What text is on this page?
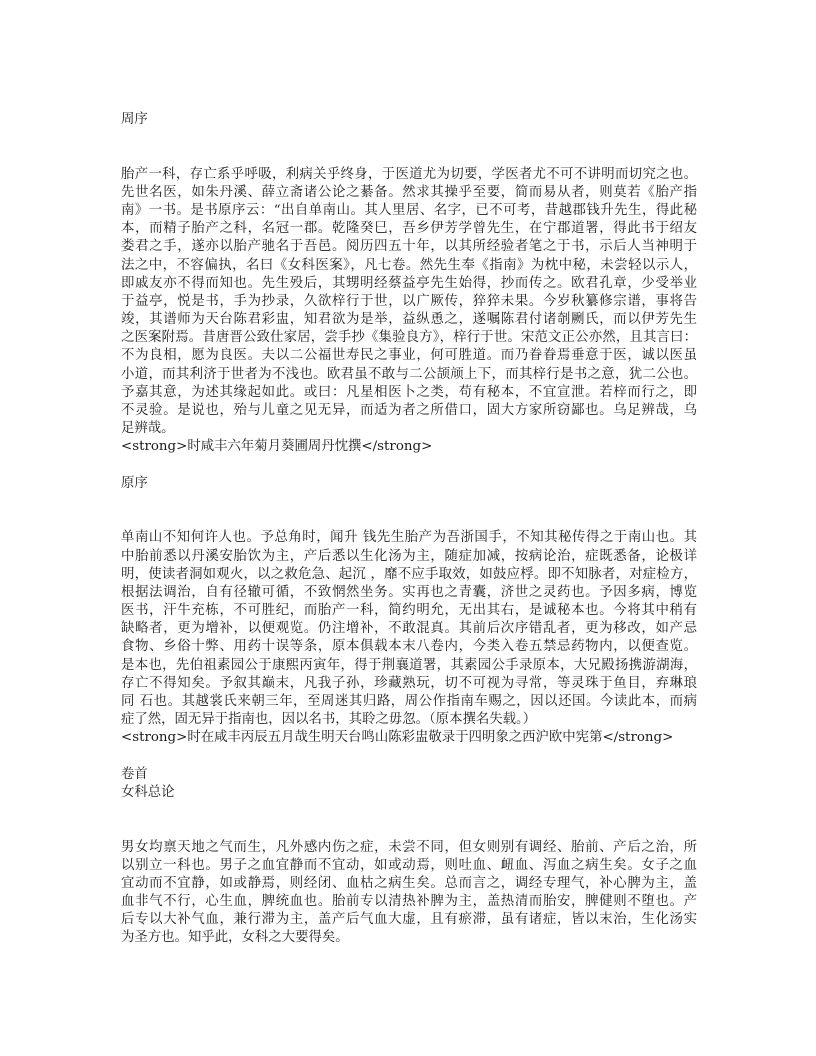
周序
胎产一科，存亡系乎呼吸，利病关乎终身，于医道尤为切要，学医者尤不可不讲明而切究之也。
先世名医，如朱丹溪、薛立斋诸公论之綦备。然求其操乎至要，简而易从者，则莫若《胎产指
南》一书。是书原序云：“出自单南山。其人里居、名字，已不可考，昔越郡钱升先生，得此秘
本，而精子胎产之科，名冠一郡。乾隆癸巳，吾乡伊芳学曾先生，在宁郡道署，得此书于绍友
娄君之手，遂亦以胎产驰名于吾邑。阅历四五十年，以其所经验者笔之于书，示后人当神明于
法之中，不容偏执，名曰《女科医案》，凡七卷。然先生奉《指南》为枕中秘，未尝轻以示人，
即戚友亦不得而知也。先生殁后，其甥明经蔡益亭先生始得，抄而传之。欧君孔章，少受举业
于益亭，悦是书，手为抄录，久欲梓行于世，以广厥传，猝猝未果。今岁秋纂修宗谱，事将告
竣，其谱师为天台陈君彩盅，知君欲为是举，益纵恿之，遂嘱陈君付诸剞劂氏，而以伊芳先生
之医案附焉。昔唐晋公致仕家居，尝手抄《集验良方》，梓行于世。宋范文正公亦然，且其言曰：
不为良相，愿为良医。夫以二公福世寿民之事业，何可胜道。而乃眷眷焉垂意于医，诚以医虽
小道，而其利济于世者为不浅也。欧君虽不敢与二公颉颃上下，而其梓行是书之意，犹二公也。
予嘉其意，为述其缘起如此。或曰：凡星相医卜之类，苟有秘本，不宜宣泄。若梓而行之，即
不灵验。是说也，殆与儿童之见无异，而适为者之所借口，固大方家所窃鄙也。乌足辨哉，乌
足辨哉。
<strong>时咸丰六年菊月葵圃周丹忱撰</strong>
原序
单南山不知何许人也。予总角时，闻升 钱先生胎产为吾浙国手，不知其秘传得之于南山也。其
中胎前悉以丹溪安胎饮为主，产后悉以生化汤为主，随症加减，按病论治，症既悉备，论极详
明，使读者洞如观火，以之救危急、起沉 ，靡不应手取效，如鼓应桴。即不知脉者，对症检方，
根据法调治，自有径辙可循，不致惘然坐务。实再也之青囊，济世之灵药也。予因多病，博览
医书，汗牛充栋，不可胜纪，而胎产一科，简约明允，无出其右，是诚秘本也。今将其中稍有
缺略者，更为增补，以便观览。仍注增补，不敢混真。其前后次序错乱者，更为移改，如产忌
食物、乡俗十弊、用药十误等条，原本俱载本末八卷内，今类入卷五禁忌药物内，以便查览。
是本也，先伯祖素园公于康熙丙寅年，得于荆襄道署，其素园公手录原本，大兄殿扬携游湖海，
存亡不得知矣。予叙其巅末，凡我子孙，珍藏熟玩，切不可视为寻常，等灵珠于鱼目，弃琳琅
同 石也。其越裳氏来朝三年，至周迷其归路，周公作指南车赐之，因以还国。今读此本，而病
症了然，固无异于指南也，因以名书，其聆之毋忽。（原本撰名失载。）
<strong>时在咸丰丙辰五月哉生明天台鸣山陈彩盅敬录于四明象之西沪欧中宪第</strong>
卷首
女科总论
男女均禀天地之气而生，凡外感内伤之症，未尝不同，但女则别有调经、胎前、产后之治，所
以别立一科也。男子之血宜静而不宜动，如或动焉，则吐血、衄血、泻血之病生矣。女子之血
宜动而不宜静，如或静焉，则经闭、血枯之病生矣。总而言之，调经专理气，补心脾为主，盖
血非气不行，心生血，脾统血也。胎前专以清热补脾为主，盖热清而胎安，脾健则不堕也。产
后专以大补气血，兼行滞为主，盖产后气血大虚，且有瘀滞，虽有诸症，皆以末治，生化汤实
为圣方也。知乎此，女科之大要得矣。
